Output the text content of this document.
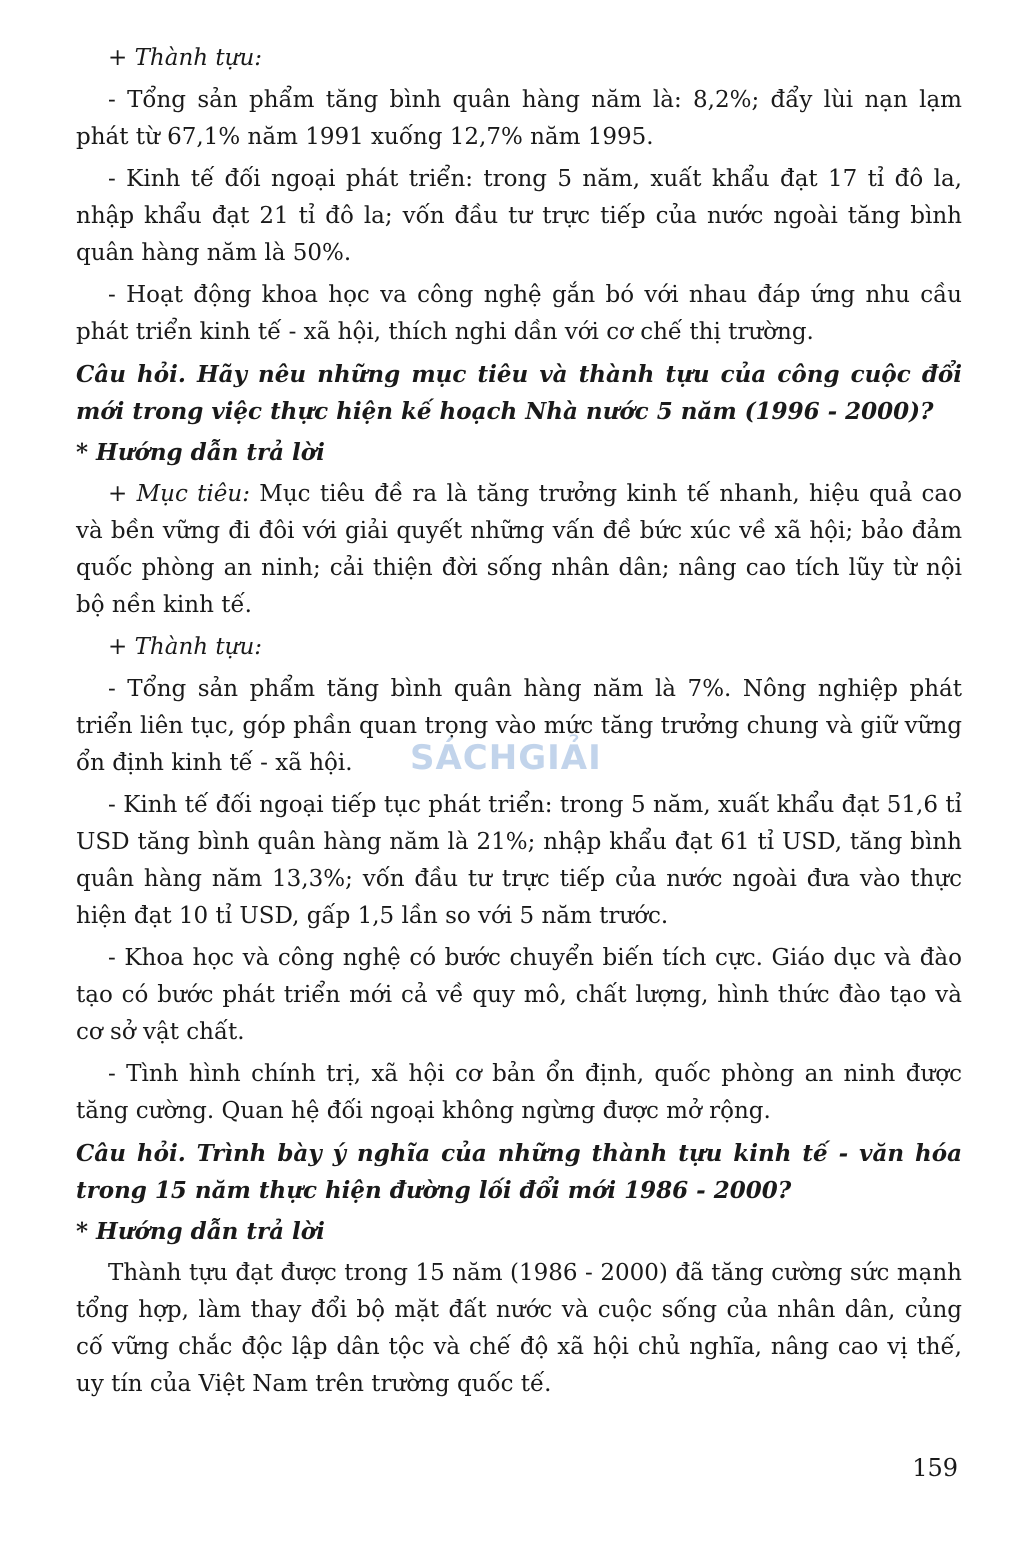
+ Thành tựu:

- Tổng sản phẩm tăng bình quân hàng năm là: 8,2%; đẩy lùi nạn lạm phát từ 67,1% năm 1991 xuống 12,7% năm 1995.

- Kinh tế đối ngoại phát triển: trong 5 năm, xuất khẩu đạt 17 tỉ đô la, nhập khẩu đạt 21 tỉ đô la; vốn đầu tư trực tiếp của nước ngoài tăng bình quân hàng năm là 50%.

- Hoạt động khoa học va công nghệ gắn bó với nhau đáp ứng nhu cầu phát triển kinh tế - xã hội, thích nghi dần với cơ chế thị trường.

Câu hỏi. Hãy nêu những mục tiêu và thành tựu của công cuộc đổi mới trong việc thực hiện kế hoạch Nhà nước 5 năm (1996 - 2000)?

* Hướng dẫn trả lời

+ Mục tiêu: Mục tiêu đề ra là tăng trưởng kinh tế nhanh, hiệu quả cao và bền vững đi đôi với giải quyết những vấn đề bức xúc về xã hội; bảo đảm quốc phòng an ninh; cải thiện đời sống nhân dân; nâng cao tích lũy từ nội bộ nền kinh tế.

+ Thành tựu:

- Tổng sản phẩm tăng bình quân hàng năm là 7%. Nông nghiệp phát triển liên tục, góp phần quan trọng vào mức tăng trưởng chung và giữ vững ổn định kinh tế - xã hội.

- Kinh tế đối ngoại tiếp tục phát triển: trong 5 năm, xuất khẩu đạt 51,6 tỉ USD tăng bình quân hàng năm là 21%; nhập khẩu đạt 61 tỉ USD, tăng bình quân hàng năm 13,3%; vốn đầu tư trực tiếp của nước ngoài đưa vào thực hiện đạt 10 tỉ USD, gấp 1,5 lần so với 5 năm trước.

- Khoa học và công nghệ có bước chuyển biến tích cực. Giáo dục và đào tạo có bước phát triển mới cả về quy mô, chất lượng, hình thức đào tạo và cơ sở vật chất.

- Tình hình chính trị, xã hội cơ bản ổn định, quốc phòng an ninh được tăng cường. Quan hệ đối ngoại không ngừng được mở rộng.

Câu hỏi. Trình bày ý nghĩa của những thành tựu kinh tế - văn hóa trong 15 năm thực hiện đường lối đổi mới 1986 - 2000?

* Hướng dẫn trả lời

Thành tựu đạt được trong 15 năm (1986 - 2000) đã tăng cường sức mạnh tổng hợp, làm thay đổi bộ mặt đất nước và cuộc sống của nhân dân, củng cố vững chắc độc lập dân tộc và chế độ xã hội chủ nghĩa, nâng cao vị thế, uy tín của Việt Nam trên trường quốc tế.

SÁCHGIẢI
159
